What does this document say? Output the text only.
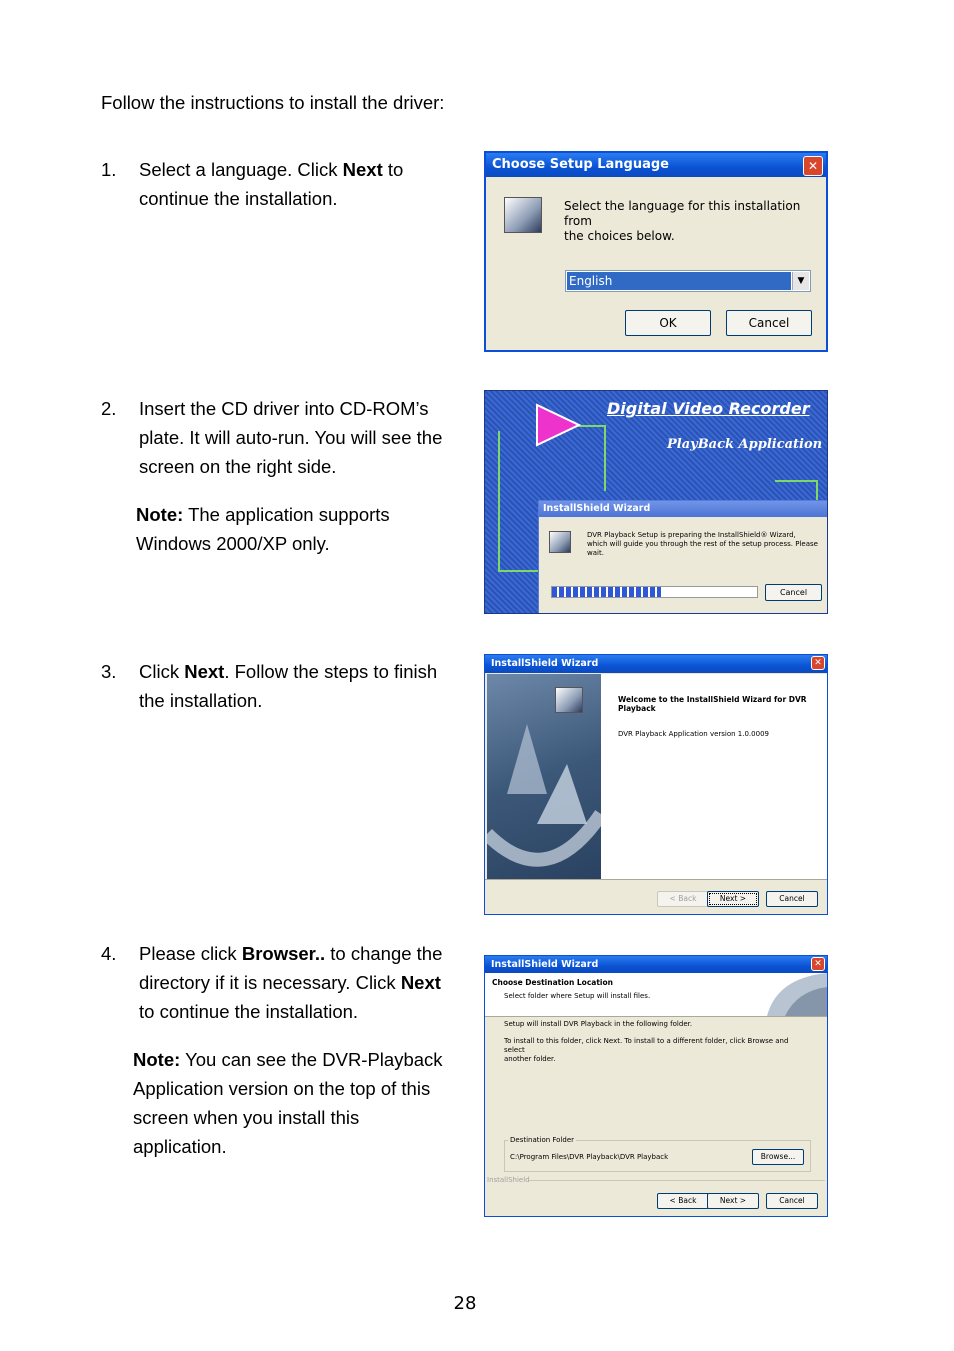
Follow the instructions to install the driver:
1. Select a language. Click Next to
continue the installation.
Choose Setup Language	✕
Select the language for this installation from
the choices below.
English	▼
OK	Cancel
2. Insert the CD driver into CD-ROM’s
plate. It will auto-run. You will see the
screen on the right side.
Note: The application supports
Windows 2000/XP only.
Digital Video Recorder
PlayBack Application
InstallShield Wizard
DVR Playback Setup is preparing the InstallShield® Wizard,
which will guide you through the rest of the setup process. Please
wait.
Cancel
3. Click Next. Follow the steps to finish
the installation.
InstallShield Wizard	✕
Welcome to the InstallShield Wizard for DVR
Playback
DVR Playback Application version 1.0.0009
< Back	Next >	Cancel
4. Please click Browser.. to change the
directory if it is necessary. Click Next
to continue the installation.
Note: You can see the DVR-Playback
Application version on the top of this
screen when you install this
application.
InstallShield Wizard	✕
Choose Destination Location
Select folder where Setup will install files.
Setup will install DVR Playback in the following folder.
To install to this folder, click Next. To install to a different folder, click Browse and select
another folder.
Destination Folder
C:\Program Files\DVR Playback\DVR Playback	Browse...
InstallShield
< Back	Next >	Cancel
28
